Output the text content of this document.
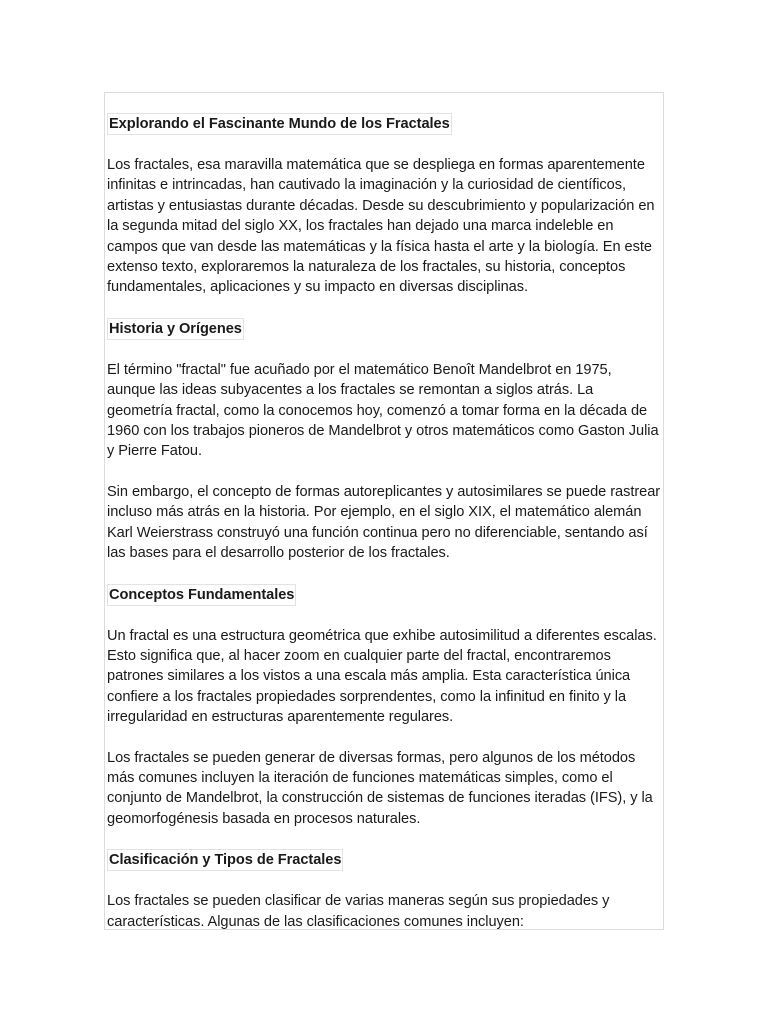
Explorando el Fascinante Mundo de los Fractales

Los fractales, esa maravilla matemática que se despliega en formas aparentemente infinitas e intrincadas, han cautivado la imaginación y la curiosidad de científicos, artistas y entusiastas durante décadas. Desde su descubrimiento y popularización en la segunda mitad del siglo XX, los fractales han dejado una marca indeleble en campos que van desde las matemáticas y la física hasta el arte y la biología. En este extenso texto, exploraremos la naturaleza de los fractales, su historia, conceptos fundamentales, aplicaciones y su impacto en diversas disciplinas.

Historia y Orígenes

El término "fractal" fue acuñado por el matemático Benoît Mandelbrot en 1975, aunque las ideas subyacentes a los fractales se remontan a siglos atrás. La geometría fractal, como la conocemos hoy, comenzó a tomar forma en la década de 1960 con los trabajos pioneros de Mandelbrot y otros matemáticos como Gaston Julia y Pierre Fatou.

Sin embargo, el concepto de formas autoreplicantes y autosimilares se puede rastrear incluso más atrás en la historia. Por ejemplo, en el siglo XIX, el matemático alemán Karl Weierstrass construyó una función continua pero no diferenciable, sentando así las bases para el desarrollo posterior de los fractales.

Conceptos Fundamentales

Un fractal es una estructura geométrica que exhibe autosimilitud a diferentes escalas. Esto significa que, al hacer zoom en cualquier parte del fractal, encontraremos patrones similares a los vistos a una escala más amplia. Esta característica única confiere a los fractales propiedades sorprendentes, como la infinitud en finito y la irregularidad en estructuras aparentemente regulares.

Los fractales se pueden generar de diversas formas, pero algunos de los métodos más comunes incluyen la iteración de funciones matemáticas simples, como el conjunto de Mandelbrot, la construcción de sistemas de funciones iteradas (IFS), y la geomorfogénesis basada en procesos naturales.

Clasificación y Tipos de Fractales

Los fractales se pueden clasificar de varias maneras según sus propiedades y características. Algunas de las clasificaciones comunes incluyen:
